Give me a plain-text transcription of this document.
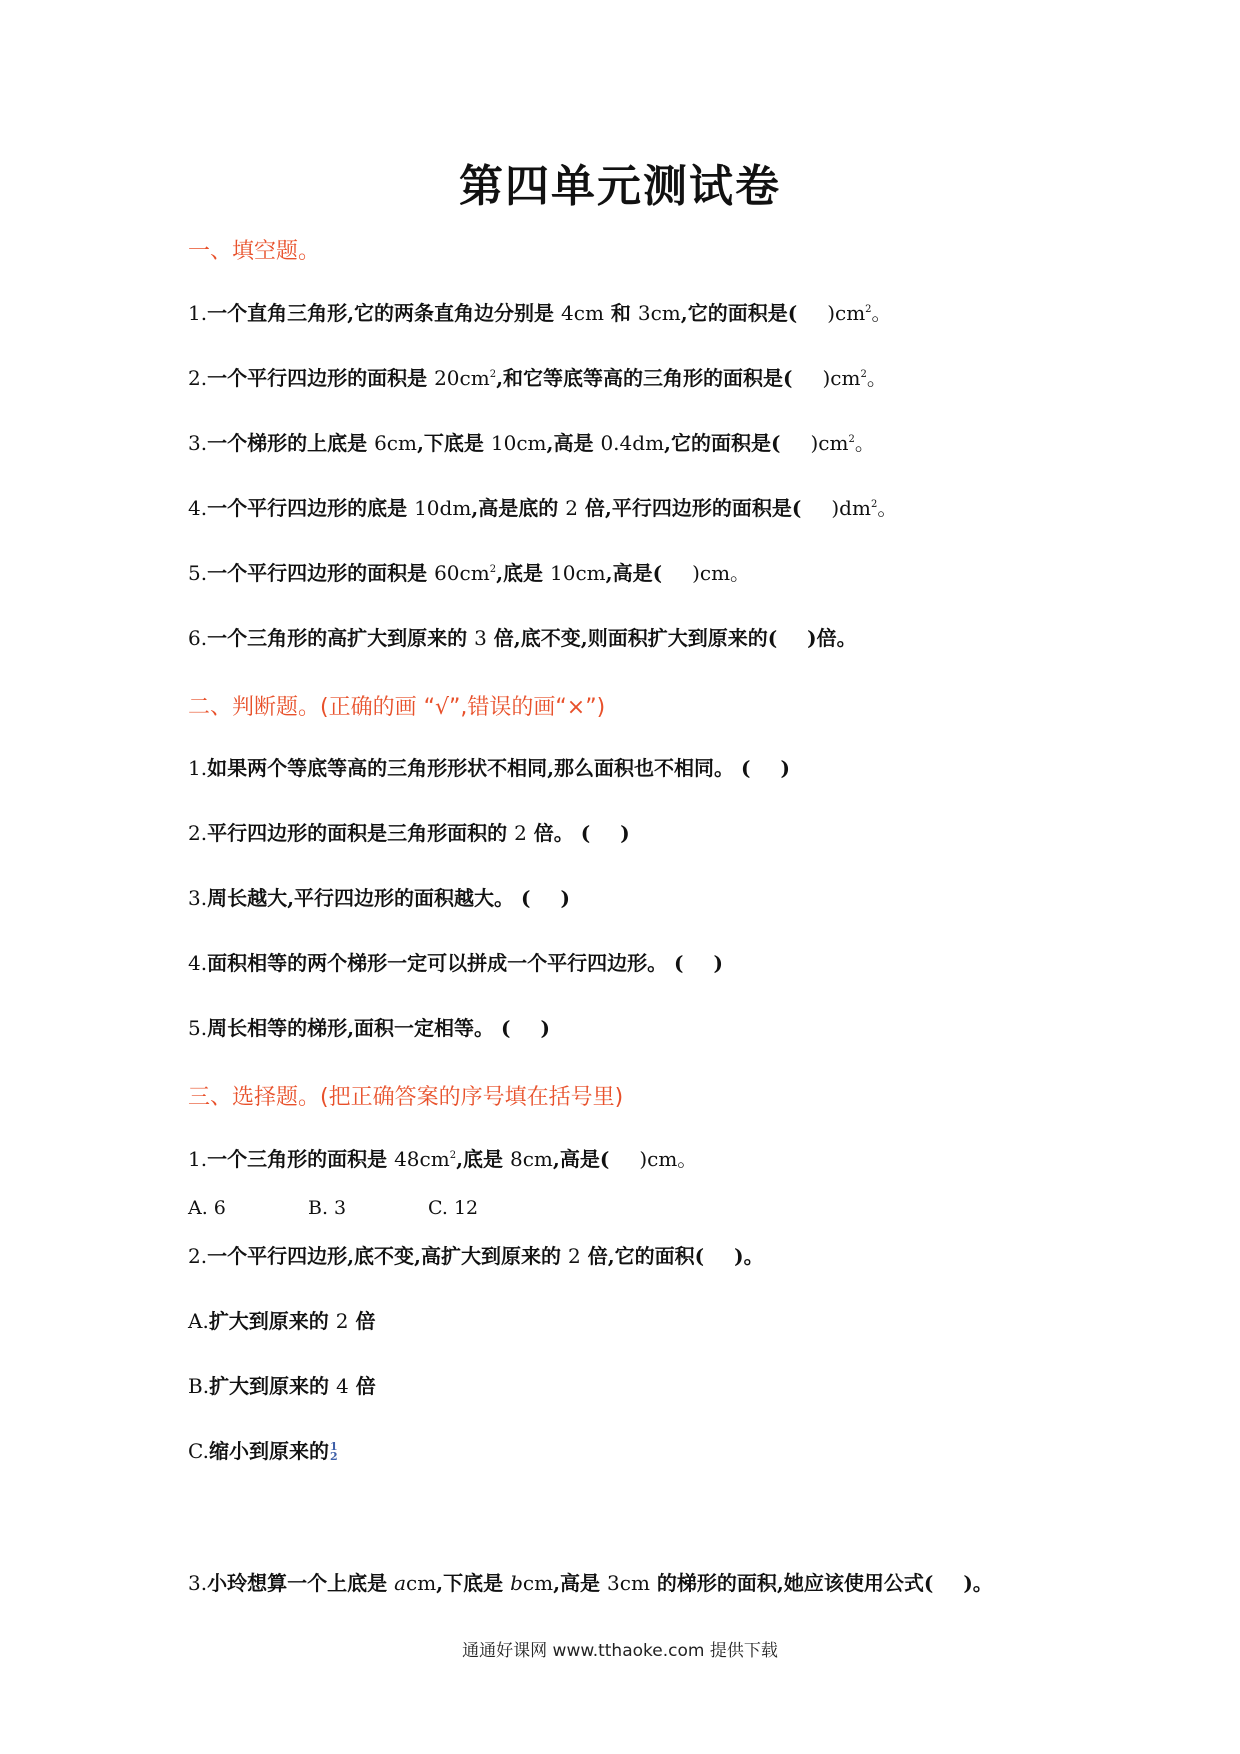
第四单元测试卷
一、填空题。
1.一个直角三角形,它的两条直角边分别是 4cm 和 3cm,它的面积是(   )$cm^2$。
2.一个平行四边形的面积是 $20cm^2$,和它等底等高的三角形的面积是(   )$cm^2$。
3.一个梯形的上底是 6cm,下底是 10cm,高是 0.4dm,它的面积是(   )$cm^2$。
4.一个平行四边形的底是 10dm,高是底的 2 倍,平行四边形的面积是(   )$dm^2$。
5.一个平行四边形的面积是 $60cm^2$,底是 10cm,高是(   )cm。
6.一个三角形的高扩大到原来的 3 倍,底不变,则面积扩大到原来的(   )倍。
二、判断题。(正确的画 “√”,错误的画“×”)
1.如果两个等底等高的三角形形状不相同,那么面积也不相同。 (   )
2.平行四边形的面积是三角形面积的 2 倍。 (   )
3.周长越大,平行四边形的面积越大。 (   )
4.面积相等的两个梯形一定可以拼成一个平行四边形。 (   )
5.周长相等的梯形,面积一定相等。 (   )
三、选择题。(把正确答案的序号填在括号里)
1.一个三角形的面积是 $48cm^2$,底是 8cm,高是(   )cm。
A. 6	B. 3	C. 12
2.一个平行四边形,底不变,高扩大到原来的 2 倍,它的面积(   )。
A.扩大到原来的 2 倍
B.扩大到原来的 4 倍
C.缩小到原来的 1
2
3.小玲想算一个上底是 acm,下底是 bcm,高是 3cm 的梯形的面积,她应该使用公式(   )。
通通好课网 www.tthaoke.com 提供下载
